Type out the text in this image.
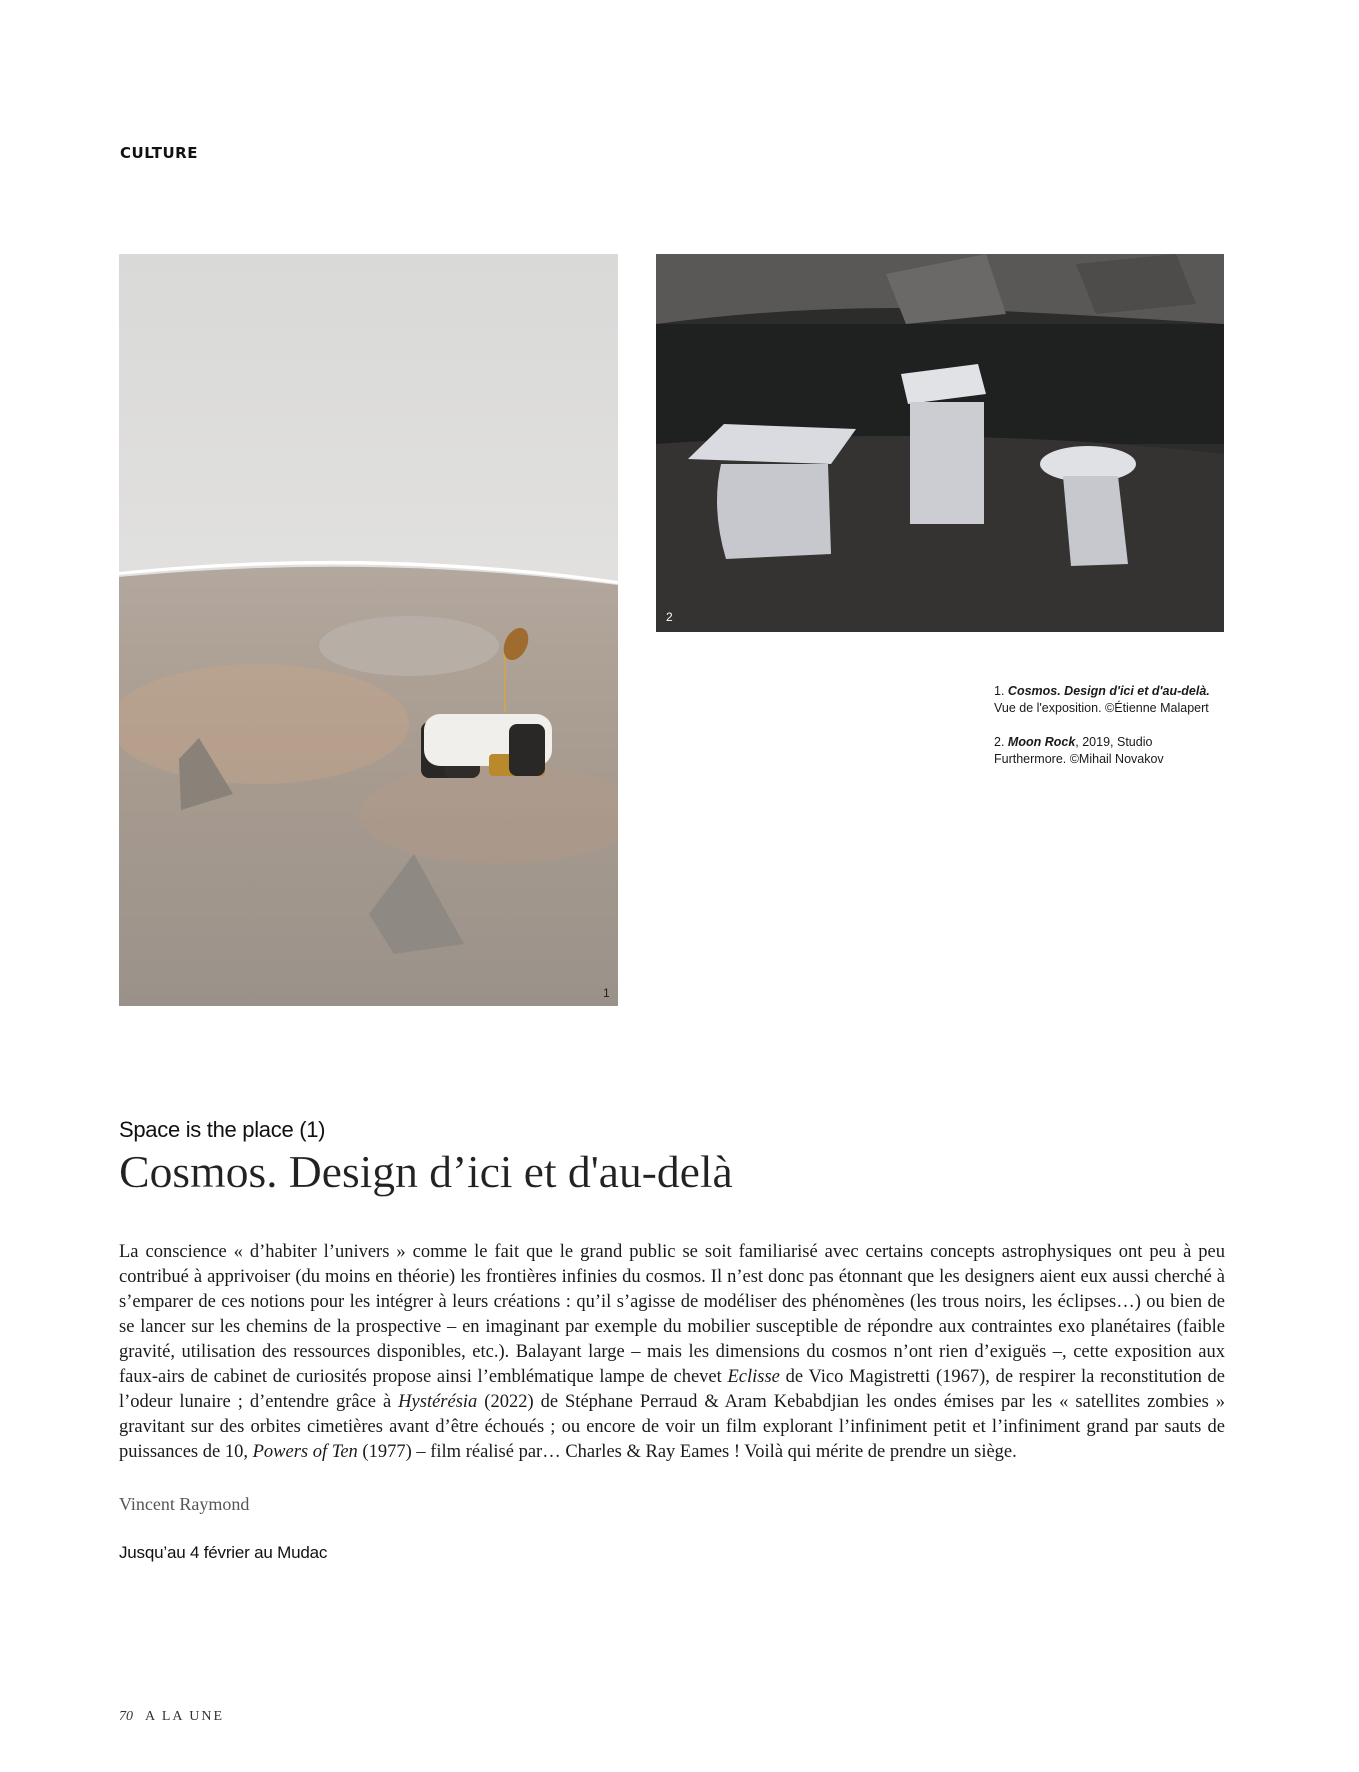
CULTURE
1
2

1. Cosmos. Design d'ici et d'au-delà. Vue de l'exposition. ©Étienne Malapert

2. Moon Rock, 2019, Studio Furthermore. ©Mihail Novakov

Space is the place (1)
Cosmos. Design d’ici et d'au-delà

La conscience « d’habiter l’univers » comme le fait que le grand public se soit familiarisé avec certains concepts astrophysiques ont peu à peu contribué à apprivoiser (du moins en théorie) les frontières infinies du cosmos. Il n’est donc pas étonnant que les designers aient eux aussi cherché à s’emparer de ces notions pour les intégrer à leurs créations : qu’il s’agisse de modéliser des phénomènes (les trous noirs, les éclipses…) ou bien de se lancer sur les chemins de la prospective – en imaginant par exemple du mobilier susceptible de répondre aux contraintes exo planétaires (faible gravité, utilisation des ressources disponibles, etc.). Balayant large – mais les dimensions du cosmos n’ont rien d’exiguës –, cette exposition aux faux-airs de cabinet de curiosités propose ainsi l’emblématique lampe de chevet Eclisse de Vico Magistretti (1967), de respirer la reconstitution de l’odeur lunaire ; d’entendre grâce à Hystérésia (2022) de Stéphane Perraud & Aram Kebabdjian les ondes émises par les « satellites zombies » gravitant sur des orbites cimetières avant d’être échoués ; ou encore de voir un film explorant l’infiniment petit et l’infiniment grand par sauts de puissances de 10, Powers of Ten (1977) – film réalisé par… Charles & Ray Eames ! Voilà qui mérite de prendre un siège.

Vincent Raymond
Jusqu’au 4 février au Mudac
70 A LA UNE
